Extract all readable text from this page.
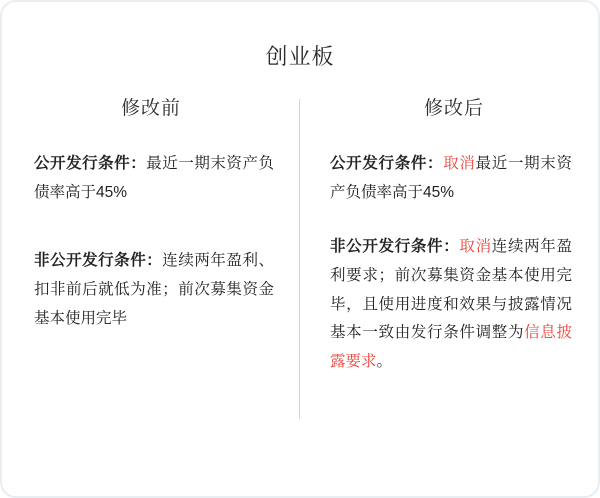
创业板
修改前
公开发行条件：最近一期末资产负债率高于45%
非公开发行条件：连续两年盈利、扣非前后就低为准；前次募集资金基本使用完毕
修改后
公开发行条件：取消最近一期末资产负债率高于45%
非公开发行条件：取消连续两年盈利要求；前次募集资金基本使用完毕，且使用进度和效果与披露情况基本一致由发行条件调整为信息披露要求。
